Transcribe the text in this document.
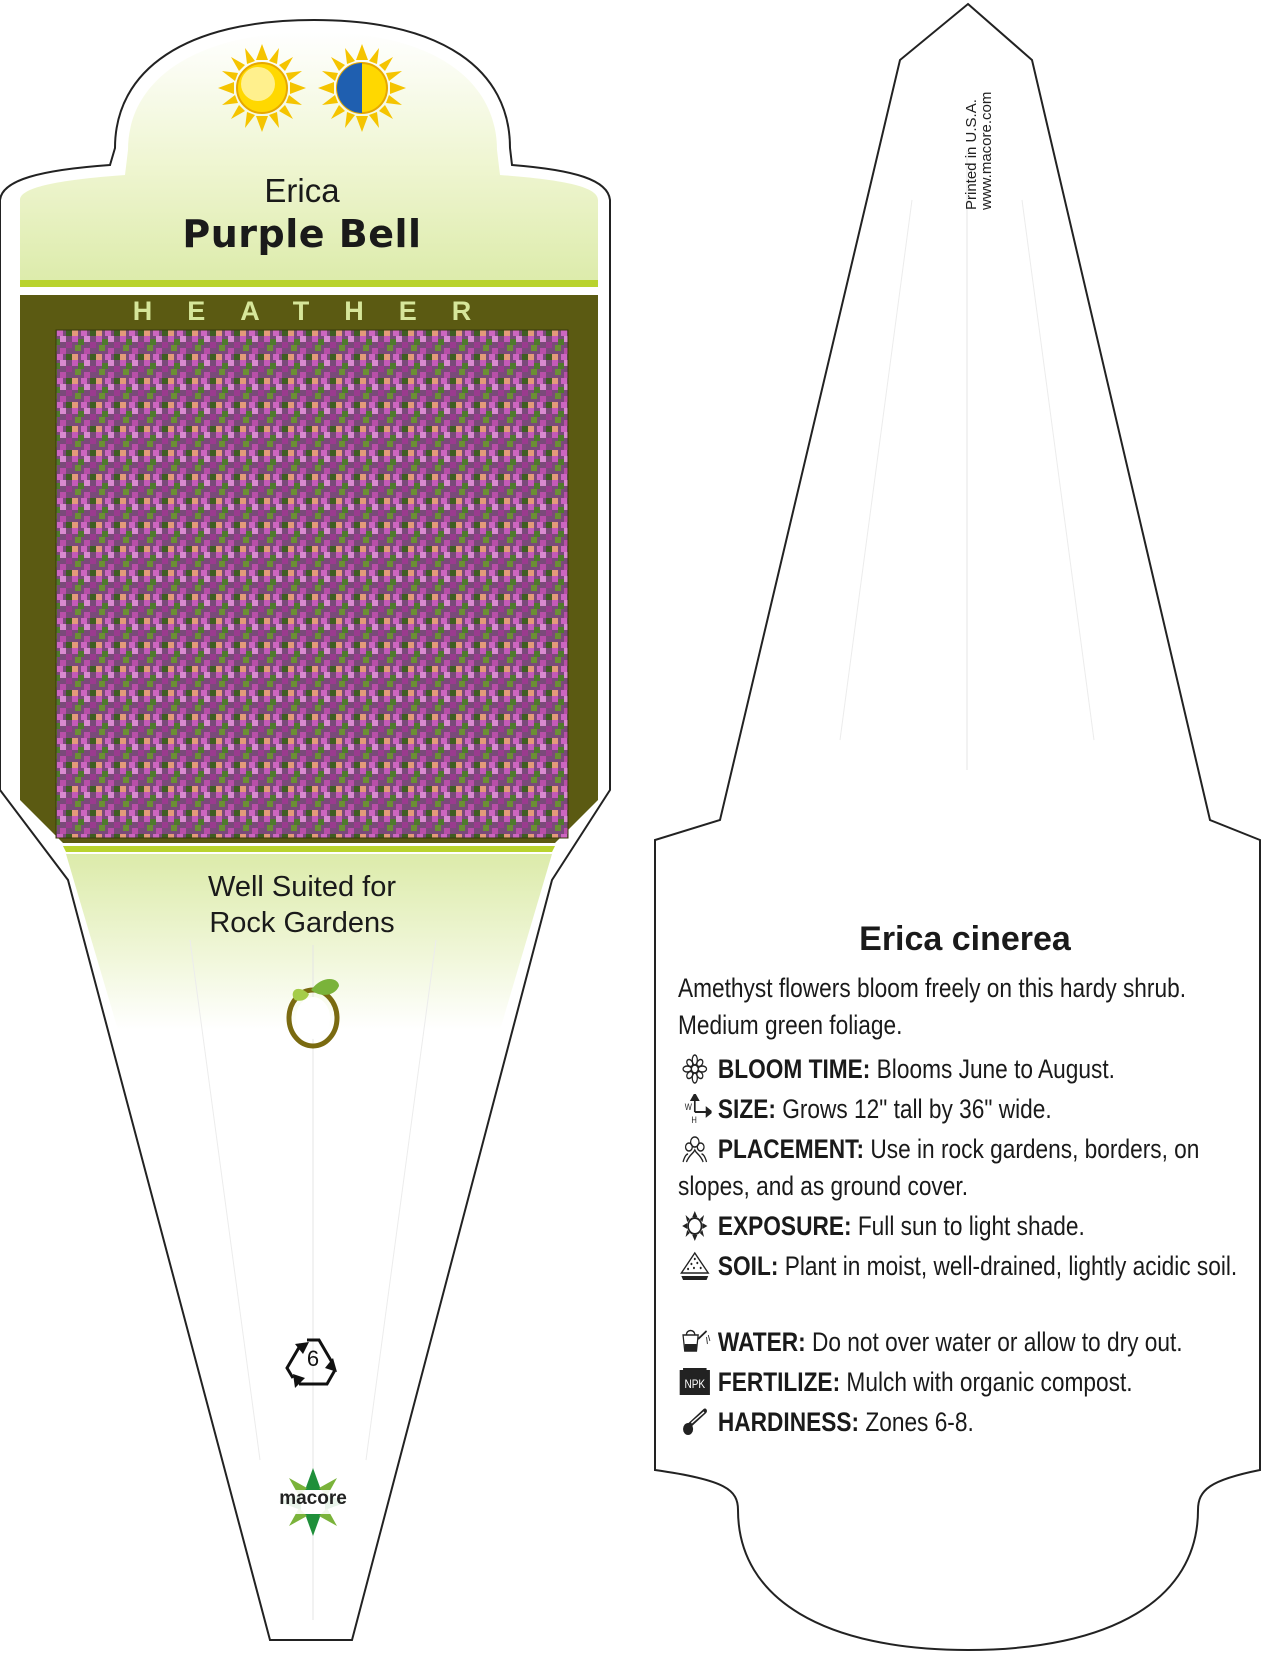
Erica
Purple Bell
HEATHER
Well Suited for
Rock Gardens
6
macore
Printed in U.S.A.
www.macore.com
Erica cinerea
Amethyst flowers bloom freely on this hardy shrub. Medium green foliage.
BLOOM TIME: Blooms June to August.
W
H SIZE: Grows 12" tall by 36" wide.
PLACEMENT: Use in rock gardens, borders, on slopes, and as ground cover.
EXPOSURE: Full sun to light shade.
SOIL: Plant in moist, well-drained, lightly acidic soil.
WATER: Do not over water or allow to dry out.
NPK FERTILIZE: Mulch with organic compost.
HARDINESS: Zones 6-8.
